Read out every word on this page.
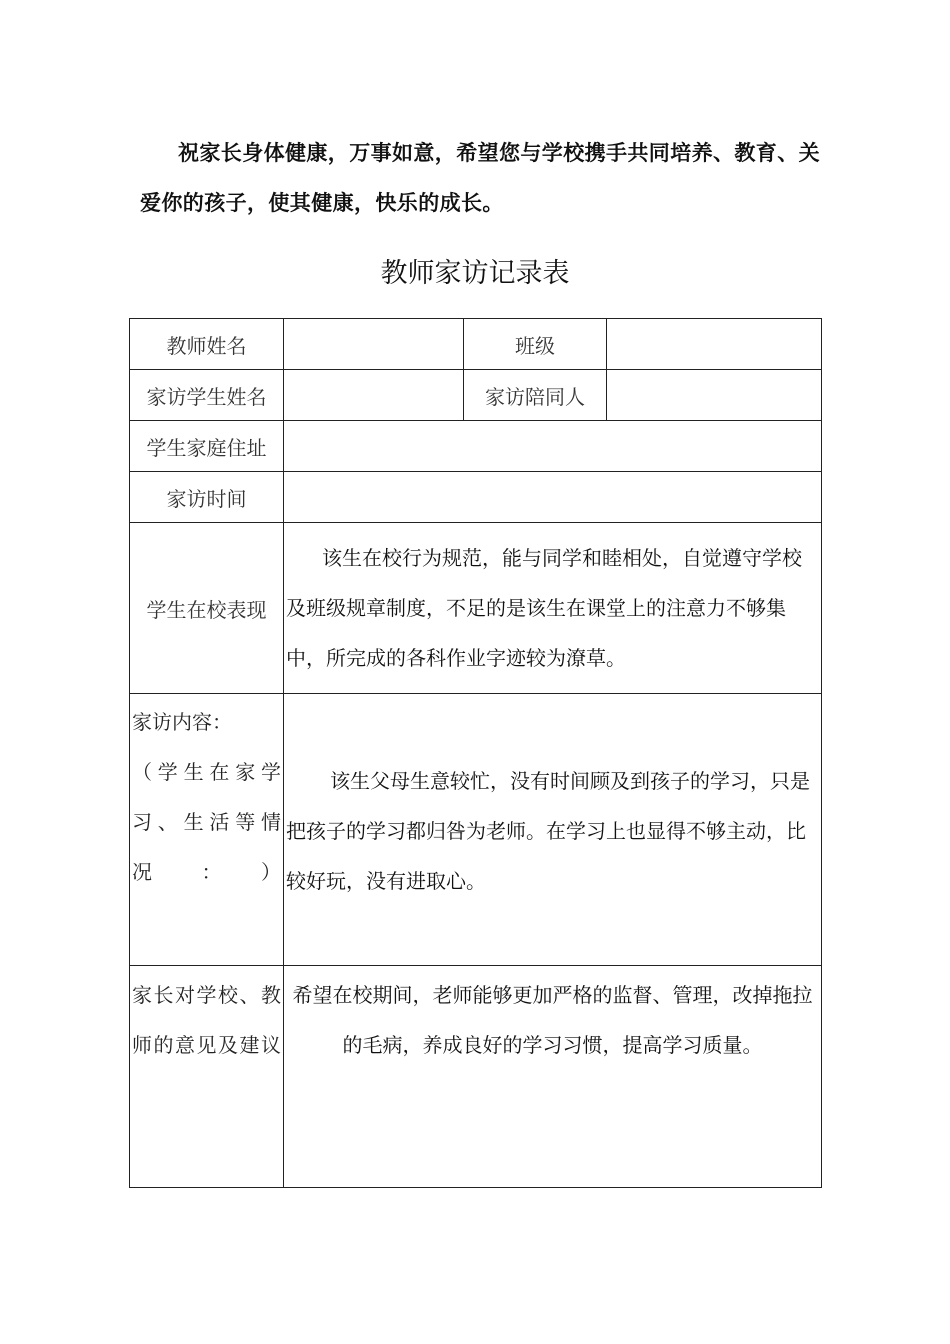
祝家长身体健康，万事如意，希望您与学校携手共同培养、教育、关爱你的孩子，使其健康，快乐的成长。
教师家访记录表
教师姓名		班级	
家访学生姓名		家访陪同人	
学生家庭住址			
家访时间			
学生在校表现	该生在校行为规范，能与同学和睦相处，自觉遵守学校及班级规章制度，不足的是该生在课堂上的注意力不够集中，所完成的各科作业字迹较为潦草。		

家访内容：
（学生在家学习、生活等情况：）	该生父母生意较忙，没有时间顾及到孩子的学习，只是把孩子的学习都归咎为老师。在学习上也显得不够主动，比较好玩，没有进取心。		
家长对学校、教师的意见及建议	希望在校期间，老师能够更加严格的监督、管理，改掉拖拉的毛病，养成良好的学习习惯，提高学习质量。		
